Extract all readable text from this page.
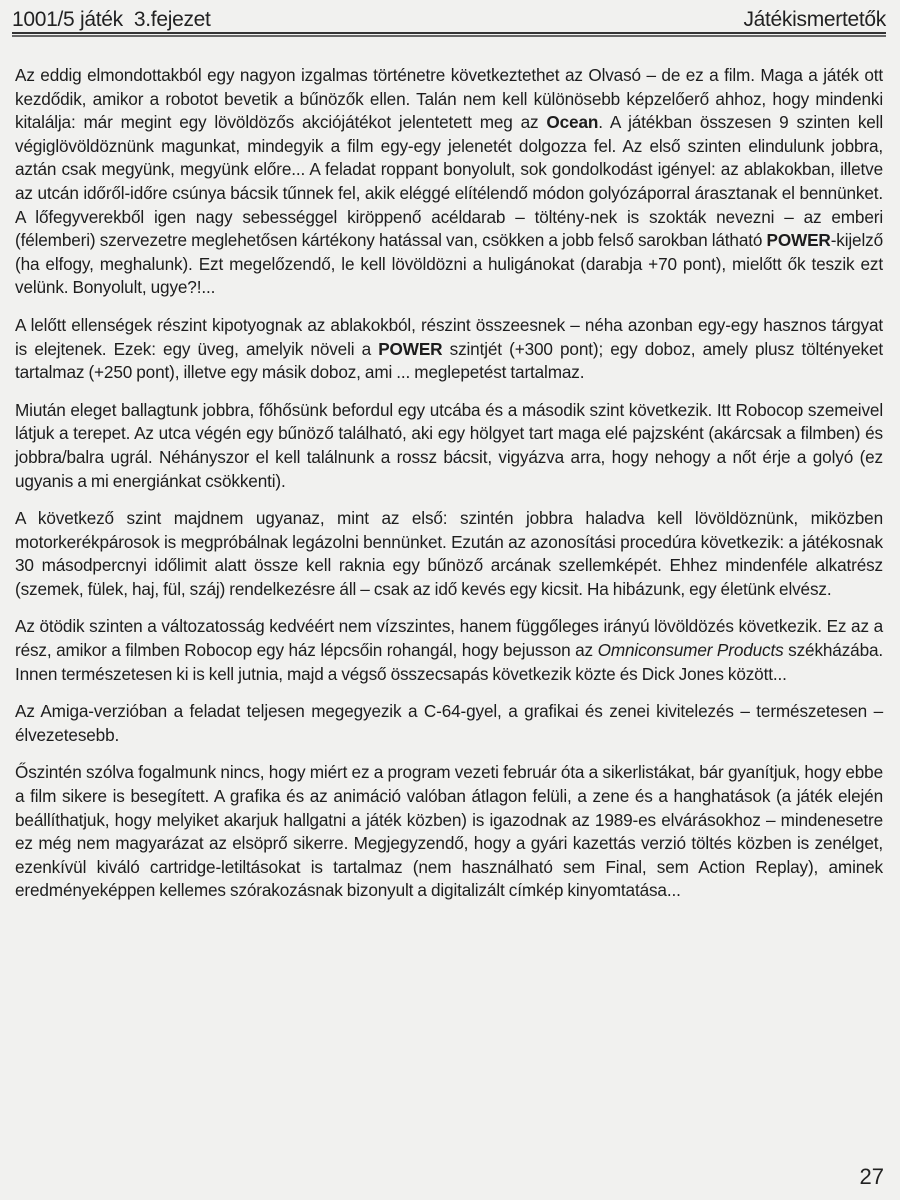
1001/5 játék  3.fejezet	Játékismertetők

Az eddig elmondottakból egy nagyon izgalmas történetre következtethet az Olvasó – de ez a film. Maga a játék ott kezdődik, amikor a robotot bevetik a bűnözők ellen. Talán nem kell különösebb képzelőerő ahhoz, hogy mindenki kitalálja: már megint egy lövöldözős akciójátékot jelentetett meg az Ocean. A játékban összesen 9 szinten kell végiglövöldöznünk magunkat, mindegyik a film egy-egy jelenetét dolgozza fel. Az első szinten elindulunk jobbra, aztán csak megyünk, megyünk előre... A feladat roppant bonyolult, sok gondolkodást igényel: az ablakokban, illetve az utcán időről-időre csúnya bácsik tűnnek fel, akik eléggé elítélendő módon golyózáporral árasztanak el bennünket. A lőfegyverekből igen nagy sebességgel kiröppenő acéldarab – töltény-nek is szokták nevezni – az emberi (félemberi) szervezetre meglehetősen kártékony hatással van, csökken a jobb felső sarokban látható POWER-kijelző (ha elfogy, meghalunk). Ezt megelőzendő, le kell lövöldözni a huligánokat (darabja +70 pont), mielőtt ők teszik ezt velünk. Bonyolult, ugye?!...

A lelőtt ellenségek részint kipotyognak az ablakokból, részint összeesnek – néha azonban egy-egy hasznos tárgyat is elejtenek. Ezek: egy üveg, amelyik növeli a POWER szintjét (+300 pont); egy doboz, amely plusz töltényeket tartalmaz (+250 pont), illetve egy másik doboz, ami ... meglepetést tartalmaz.

Miután eleget ballagtunk jobbra, főhősünk befordul egy utcába és a második szint következik. Itt Robocop szemeivel látjuk a terepet. Az utca végén egy bűnöző található, aki egy hölgyet tart maga elé pajzsként (akárcsak a filmben) és jobbra/balra ugrál. Néhányszor el kell találnunk a rossz bácsit, vigyázva arra, hogy nehogy a nőt érje a golyó (ez ugyanis a mi energiánkat csökkenti).

A következő szint majdnem ugyanaz, mint az első: szintén jobbra haladva kell lövöldöznünk, miközben motorkerékpárosok is megpróbálnak legázolni bennünket. Ezután az azonosítási procedúra következik: a játékosnak 30 másodpercnyi időlimit alatt össze kell raknia egy bűnöző arcának szellemképét. Ehhez mindenféle alkatrész (szemek, fülek, haj, fül, száj) rendelkezésre áll – csak az idő kevés egy kicsit. Ha hibázunk, egy életünk elvész.

Az ötödik szinten a változatosság kedvéért nem vízszintes, hanem függőleges irányú lövöldözés következik. Ez az a rész, amikor a filmben Robocop egy ház lépcsőin rohangál, hogy bejusson az Omniconsumer Products székházába. Innen természetesen ki is kell jutnia, majd a végső összecsapás következik közte és Dick Jones között...

Az Amiga-verzióban a feladat teljesen megegyezik a C-64-gyel, a grafikai és zenei kivitelezés – természetesen – élvezetesebb.

Őszintén szólva fogalmunk nincs, hogy miért ez a program vezeti február óta a sikerlistákat, bár gyanítjuk, hogy ebbe a film sikere is besegített. A grafika és az animáció valóban átlagon felüli, a zene és a hanghatások (a játék elején beállíthatjuk, hogy melyiket akarjuk hallgatni a játék közben) is igazodnak az 1989-es elvárásokhoz – mindenesetre ez még nem magyarázat az elsöprő sikerre. Megjegyzendő, hogy a gyári kazettás verzió töltés közben is zenélget, ezenkívül kiváló cartridge-letiltásokat is tartalmaz (nem használható sem Final, sem Action Replay), aminek eredményeképpen kellemes szórakozásnak bizonyult a digitalizált címkép kinyomtatása...

27
